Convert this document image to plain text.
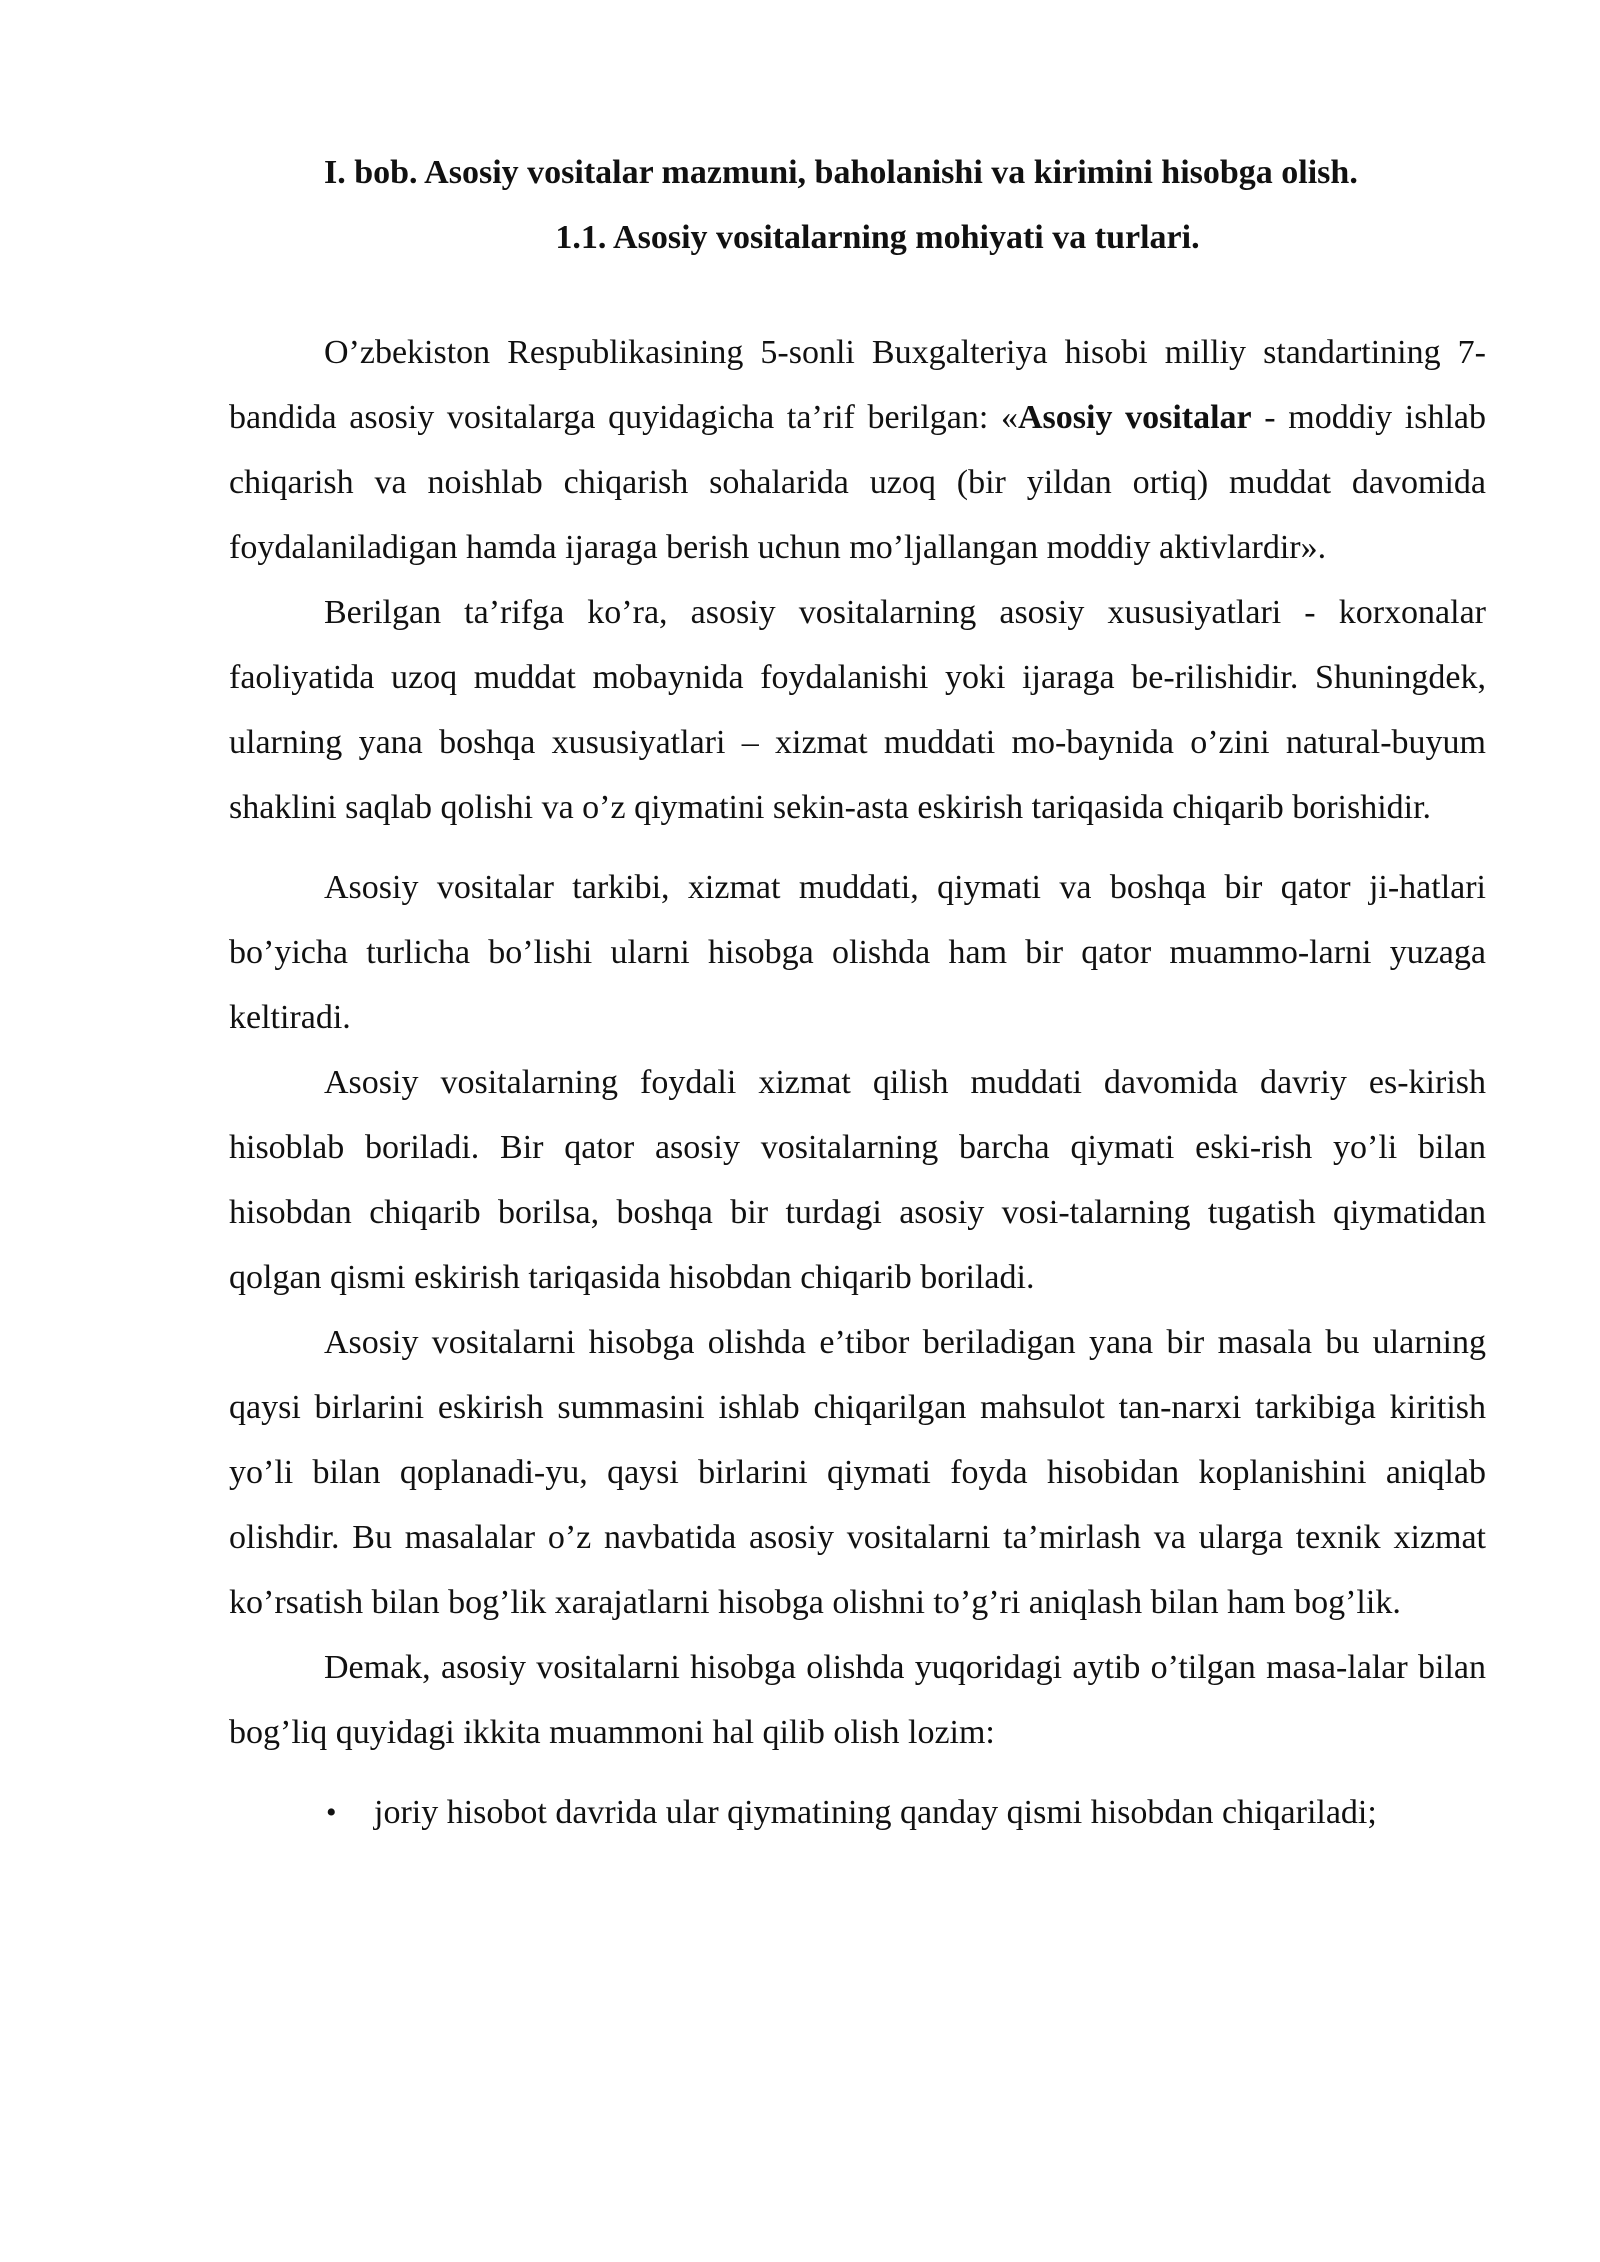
I. bob. Asosiy vositalar mazmuni, baholanishi va kirimini hisobga olish.
1.1. Asosiy vositalarning mohiyati va turlari.

O’zbekiston Respublikasining 5-sonli Buxgalteriya hisobi milliy standartining 7-bandida asosiy vositalarga quyidagicha ta’rif berilgan: «Asosiy vositalar - moddiy ishlab chiqarish va noishlab chiqarish sohalarida uzoq (bir yildan ortiq) muddat davomida foydalaniladigan hamda ijaraga berish uchun mo’ljallangan moddiy aktivlardir».

Berilgan ta’rifga ko’ra, asosiy vositalarning asosiy xususiyatlari - korxonalar faoliyatida uzoq muddat mobaynida foydalanishi yoki ijaraga be-rilishidir. Shuningdek, ularning yana boshqa xususiyatlari – xizmat muddati mo-baynida o’zini natural-buyum shaklini saqlab qolishi va o’z qiymatini sekin-asta eskirish tariqasida chiqarib borishidir.

Asosiy vositalar tarkibi, xizmat muddati, qiymati va boshqa bir qator ji-hatlari bo’yicha turlicha bo’lishi ularni hisobga olishda ham bir qator muammo-larni yuzaga keltiradi.

Asosiy vositalarning foydali xizmat qilish muddati davomida davriy es-kirish hisoblab boriladi. Bir qator asosiy vositalarning barcha qiymati eski-rish yo’li bilan hisobdan chiqarib borilsa, boshqa bir turdagi asosiy vosi-talarning tugatish qiymatidan qolgan qismi eskirish tariqasida hisobdan chiqarib boriladi.

Asosiy vositalarni hisobga olishda e’tibor beriladigan yana bir masala bu ularning qaysi birlarini eskirish summasini ishlab chiqarilgan mahsulot tan-narxi tarkibiga kiritish yo’li bilan qoplanadi-yu, qaysi birlarini qiymati foyda hisobidan koplanishini aniqlab olishdir. Bu masalalar o’z navbatida asosiy vositalarni ta’mirlash va ularga texnik xizmat ko’rsatish bilan bog’lik xarajatlarni hisobga olishni to’g’ri aniqlash bilan ham bog’lik.

Demak, asosiy vositalarni hisobga olishda yuqoridagi aytib o’tilgan masa-lalar bilan bog’liq quyidagi ikkita muammoni hal qilib olish lozim:

• joriy hisobot davrida ular qiymatining qanday qismi hisobdan chiqariladi;
